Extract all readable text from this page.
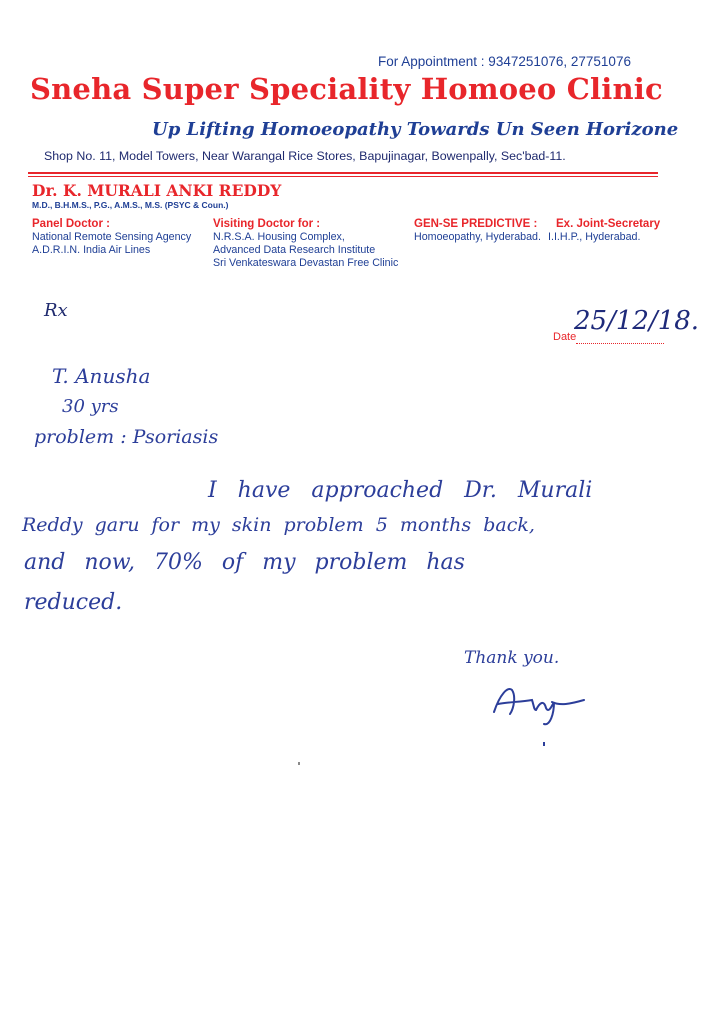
For Appointment : 9347251076, 27751076
Sneha Super Speciality Homoeo Clinic
Up Lifting Homoeopathy Towards Un Seen Horizone
Shop No. 11, Model Towers, Near Warangal Rice Stores, Bapujinagar, Bowenpally, Sec'bad-11.
Dr. K. MURALI ANKI REDDY
M.D., B.H.M.S., P.G., A.M.S., M.S. (PSYC & Coun.)
Panel Doctor :
National Remote Sensing Agency
A.D.R.I.N. India Air Lines
Visiting Doctor for :
N.R.S.A. Housing Complex,
Advanced Data Research Institute
Sri Venkateswara Devastan Free Clinic
GEN-SE PREDICTIVE :
Homoeopathy, Hyderabad.
Ex. Joint-Secretary
I.I.H.P., Hyderabad.
Rx
Date
25/12/18.
T. Anusha
30 yrs
problem : Psoriasis
I have approached Dr. Murali
Reddy garu for my skin problem 5 months back,
and now, 70% of my problem has
reduced.
Thank you.
